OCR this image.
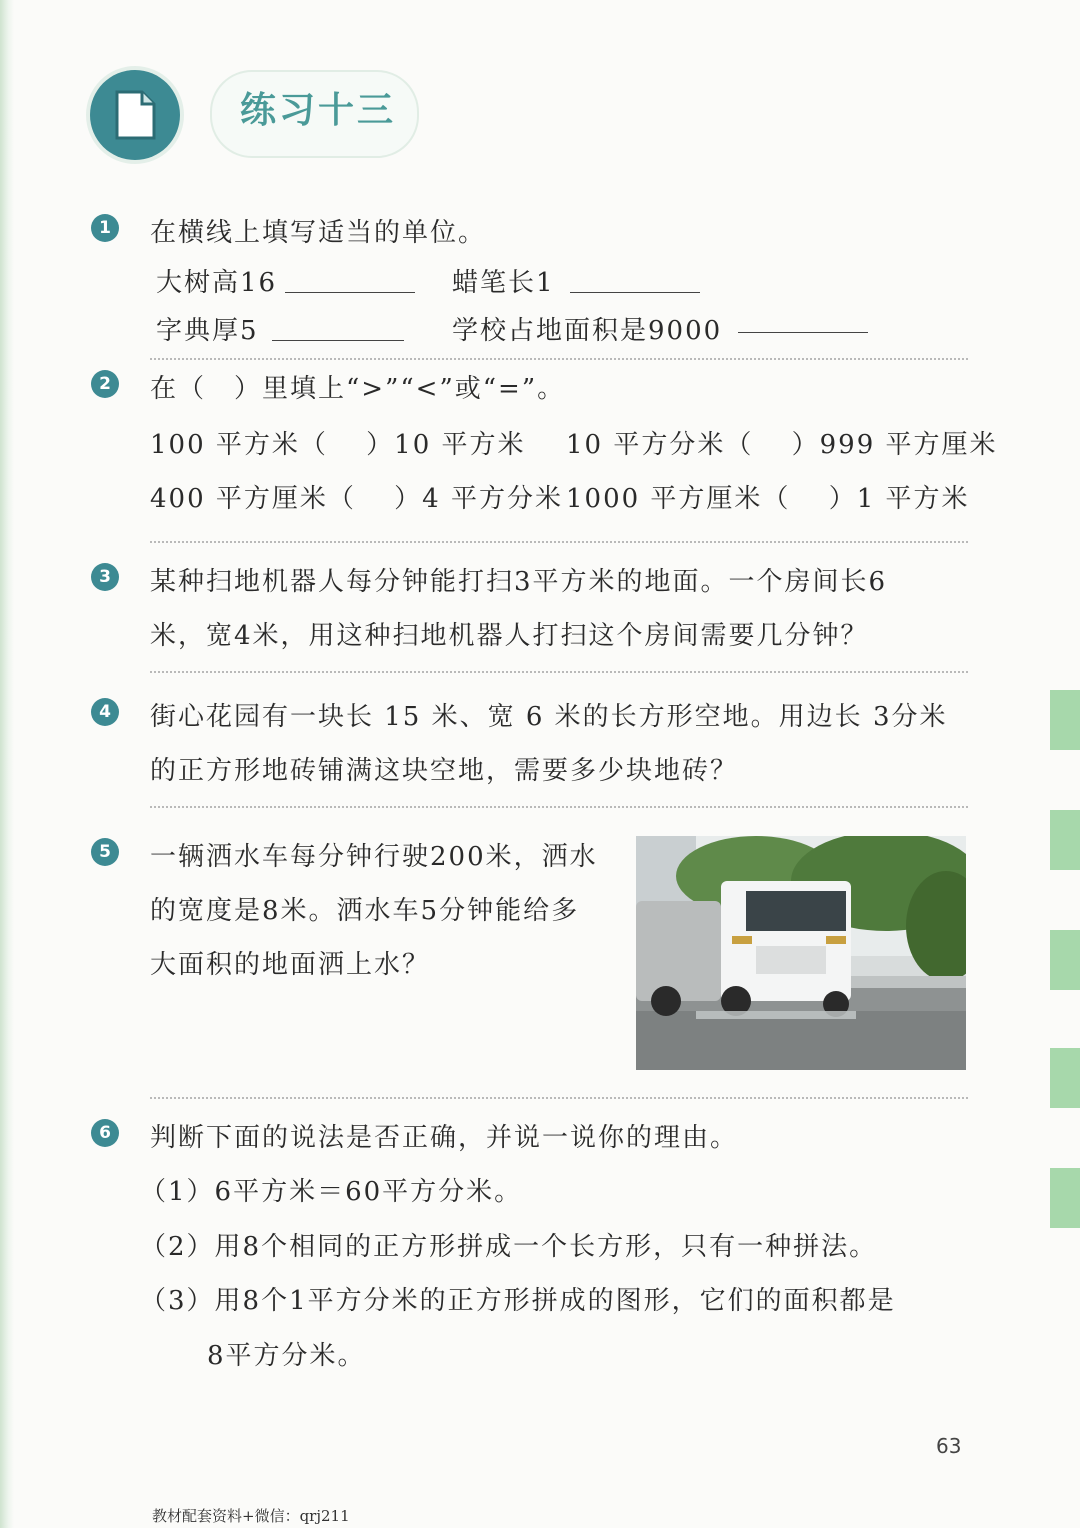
练习十三
1	在横线上填写适当的单位。
大树高16	蜡笔长1
字典厚5	学校占地面积是9000
2	在（　）里填上“>”“<”或“=”。
100 平方米（　 ）10 平方米 10 平方分米（　 ）999 平方厘米
400 平方厘米（　 ）4 平方分米 1000 平方厘米（　 ）1 平方米
3	某种扫地机器人每分钟能打扫3平方米的地面。一个房间长6
米，宽4米，用这种扫地机器人打扫这个房间需要几分钟？
4	街心花园有一块长 15 米、宽 6 米的长方形空地。用边长 3分米
的正方形地砖铺满这块空地，需要多少块地砖？
5	一辆洒水车每分钟行驶200米，洒水
的宽度是8米。洒水车5分钟能给多
大面积的地面洒上水？
6	判断下面的说法是否正确，并说一说你的理由。
（1）6平方米＝60平方分米。
（2）用8个相同的正方形拼成一个长方形，只有一种拼法。
（3）用8个1平方分米的正方形拼成的图形，它们的面积都是
8平方分米。
63
教材配套资料+微信：qrj211
